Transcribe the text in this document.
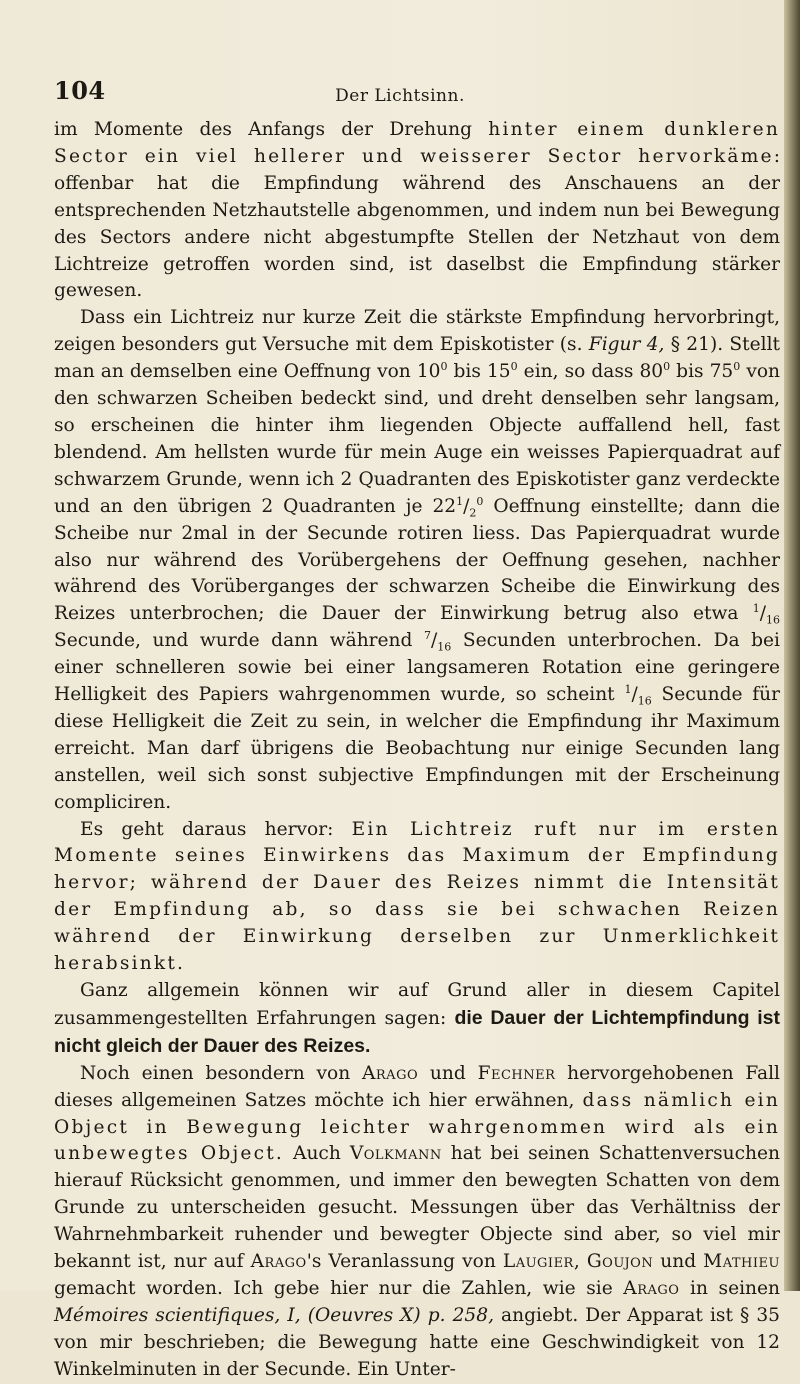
104	Der Lichtsinn.

im Momente des Anfangs der Drehung hinter einem dunkleren Sector ein viel hellerer und weisserer Sector hervorkäme: offenbar hat die Empfindung während des Anschauens an der entsprechenden Netzhautstelle abgenommen, und indem nun bei Bewegung des Sectors andere nicht abgestumpfte Stellen der Netzhaut von dem Lichtreize getroffen worden sind, ist daselbst die Empfindung stärker gewesen.

Dass ein Lichtreiz nur kurze Zeit die stärkste Empfindung hervorbringt, zeigen besonders gut Versuche mit dem Episkotister (s. Figur 4, § 21). Stellt man an demselben eine Oeffnung von $10^0$ bis $15^0$ ein, so dass $80^0$ bis $75^0$ von den schwarzen Scheiben bedeckt sind, und dreht denselben sehr langsam, so erscheinen die hinter ihm liegenden Objecte auffallend hell, fast blendend. Am hellsten wurde für mein Auge ein weisses Papierquadrat auf schwarzem Grunde, wenn ich 2 Quadranten des Episkotister ganz verdeckte und an den übrigen 2 Quadranten je $22^1/_2^0$ Oeffnung einstellte; dann die Scheibe nur 2mal in der Secunde rotiren liess. Das Papierquadrat wurde also nur während des Vorübergehens der Oeffnung gesehen, nachher während des Vorüberganges der schwarzen Scheibe die Einwirkung des Reizes unterbrochen; die Dauer der Einwirkung betrug also etwa $^1/_{16}$ Secunde, und wurde dann während $^7/_{16}$ Secunden unterbrochen. Da bei einer schnelleren sowie bei einer langsameren Rotation eine geringere Helligkeit des Papiers wahrgenommen wurde, so scheint $^1/_{16}$ Secunde für diese Helligkeit die Zeit zu sein, in welcher die Empfindung ihr Maximum erreicht. Man darf übrigens die Beobachtung nur einige Secunden lang anstellen, weil sich sonst subjective Empfindungen mit der Erscheinung compliciren.

Es geht daraus hervor: Ein Lichtreiz ruft nur im ersten Momente seines Einwirkens das Maximum der Empfindung hervor; während der Dauer des Reizes nimmt die Intensität der Empfindung ab, so dass sie bei schwachen Reizen während der Einwirkung derselben zur Unmerklichkeit herabsinkt.

Ganz allgemein können wir auf Grund aller in diesem Capitel zusammengestellten Erfahrungen sagen: die Dauer der Lichtempfindung ist nicht gleich der Dauer des Reizes.

Noch einen besondern von Arago und Fechner hervorgehobenen Fall dieses allgemeinen Satzes möchte ich hier erwähnen, dass nämlich ein Object in Bewegung leichter wahrgenommen wird als ein unbewegtes Object. Auch Volkmann hat bei seinen Schattenversuchen hierauf Rücksicht genommen, und immer den bewegten Schatten von dem Grunde zu unterscheiden gesucht. Messungen über das Verhältniss der Wahrnehmbarkeit ruhender und bewegter Objecte sind aber, so viel mir bekannt ist, nur auf Arago's Veranlassung von Laugier, Goujon und Mathieu gemacht worden. Ich gebe hier nur die Zahlen, wie sie Arago in seinen Mémoires scientifiques, I, (Oeuvres X) p. 258, angiebt. Der Apparat ist § 35 von mir beschrieben; die Bewegung hatte eine Geschwindigkeit von 12 Winkelminuten in der Secunde. Ein Unter-
